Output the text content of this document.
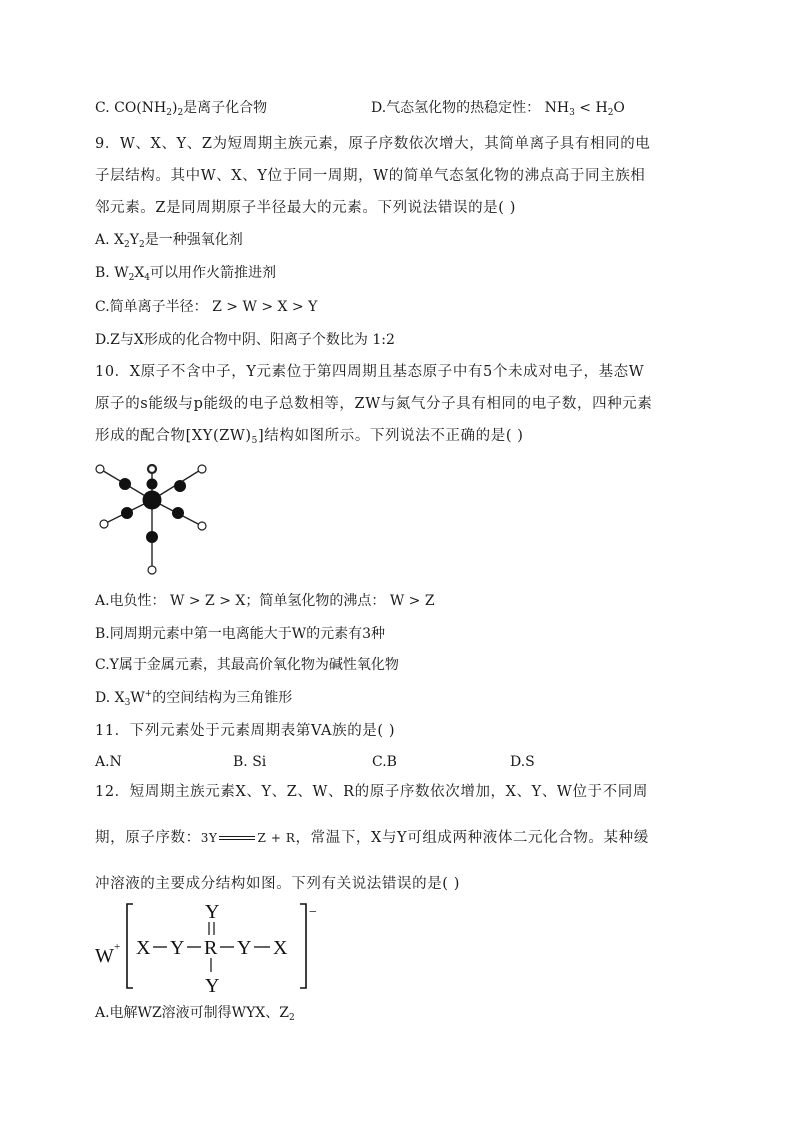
C. $CO(NH_2)_2$是离子化合物	D.气态氢化物的热稳定性： $NH_3 < H_2O$
9．W、X、Y、Z为短周期主族元素，原子序数依次增大，其简单离子具有相同的电
子层结构。其中W、X、Y位于同一周期，W的简单气态氢化物的沸点高于同主族相
邻元素。Z是同周期原子半径最大的元素。下列说法错误的是( )
A. $X_2Y_2$是一种强氧化剂
B. $W_2X_4$可以用作火箭推进剂
C.简单离子半径： Z > W > X > Y
D.Z与X形成的化合物中阴、阳离子个数比为 1:2
10．X原子不含中子，Y元素位于第四周期且基态原子中有5个未成对电子，基态W
原子的s能级与p能级的电子总数相等，ZW与氮气分子具有相同的电子数，四种元素
形成的配合物$[XY(ZW)_5]$结构如图所示。下列说法不正确的是( )
A.电负性： W > Z > X；简单氢化物的沸点： W > Z
B.同周期元素中第一电离能大于W的元素有3种
C.Y属于金属元素，其最高价氧化物为碱性氧化物
D. $X_3W^+$的空间结构为三角锥形
11．下列元素处于元素周期表第VA族的是( )
A.N	B. Si	C.B	D.S
12．短周期主族元素X、Y、Z、W、R的原子序数依次增加，X、Y、W位于不同周
期，原子序数：3Y	Z + R，常温下，X与Y可组成两种液体二元化合物。某种缓
冲溶液的主要成分结构如图。下列有关说法错误的是( )
W +
−
X Y R Y X
Y
Y
A.电解WZ溶液可制得WYX、$Z_2$
